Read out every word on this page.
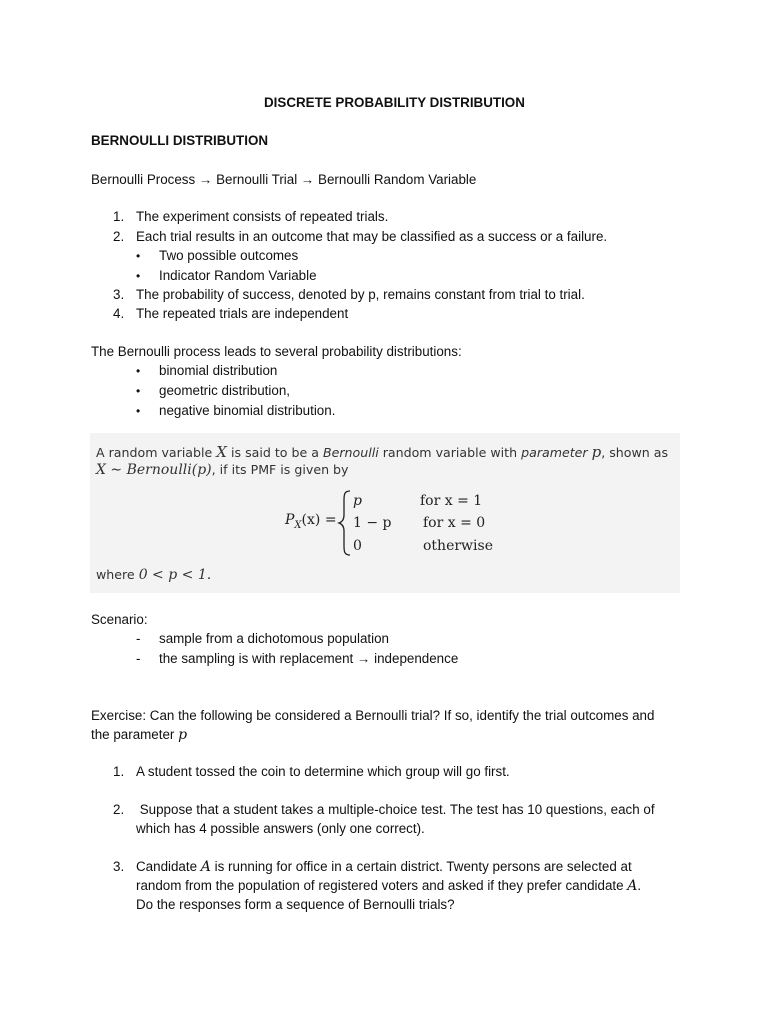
DISCRETE PROBABILITY DISTRIBUTION
BERNOULLI DISTRIBUTION
Bernoulli Process → Bernoulli Trial → Bernoulli Random Variable
1. The experiment consists of repeated trials.
2. Each trial results in an outcome that may be classified as a success or a failure.
• Two possible outcomes
• Indicator Random Variable
3. The probability of success, denoted by p, remains constant from trial to trial.
4. The repeated trials are independent
The Bernoulli process leads to several probability distributions:
• binomial distribution
• geometric distribution,
• negative binomial distribution.
A random variable X is said to be a Bernoulli random variable with parameter p, shown as
X ∼ Bernoulli(p), if its PMF is given by
$P_X(x)$ =
p
1 − p
0
for x = 1
for x = 0
otherwise
where 0 < p < 1.
Scenario:
- sample from a dichotomous population
- the sampling is with replacement → independence
Exercise: Can the following be considered a Bernoulli trial? If so, identify the trial outcomes and
the parameter p
1. A student tossed the coin to determine which group will go first.
2. Suppose that a student takes a multiple-choice test. The test has 10 questions, each of
which has 4 possible answers (only one correct).
3. Candidate A is running for office in a certain district. Twenty persons are selected at
random from the population of registered voters and asked if they prefer candidate A.
Do the responses form a sequence of Bernoulli trials?
